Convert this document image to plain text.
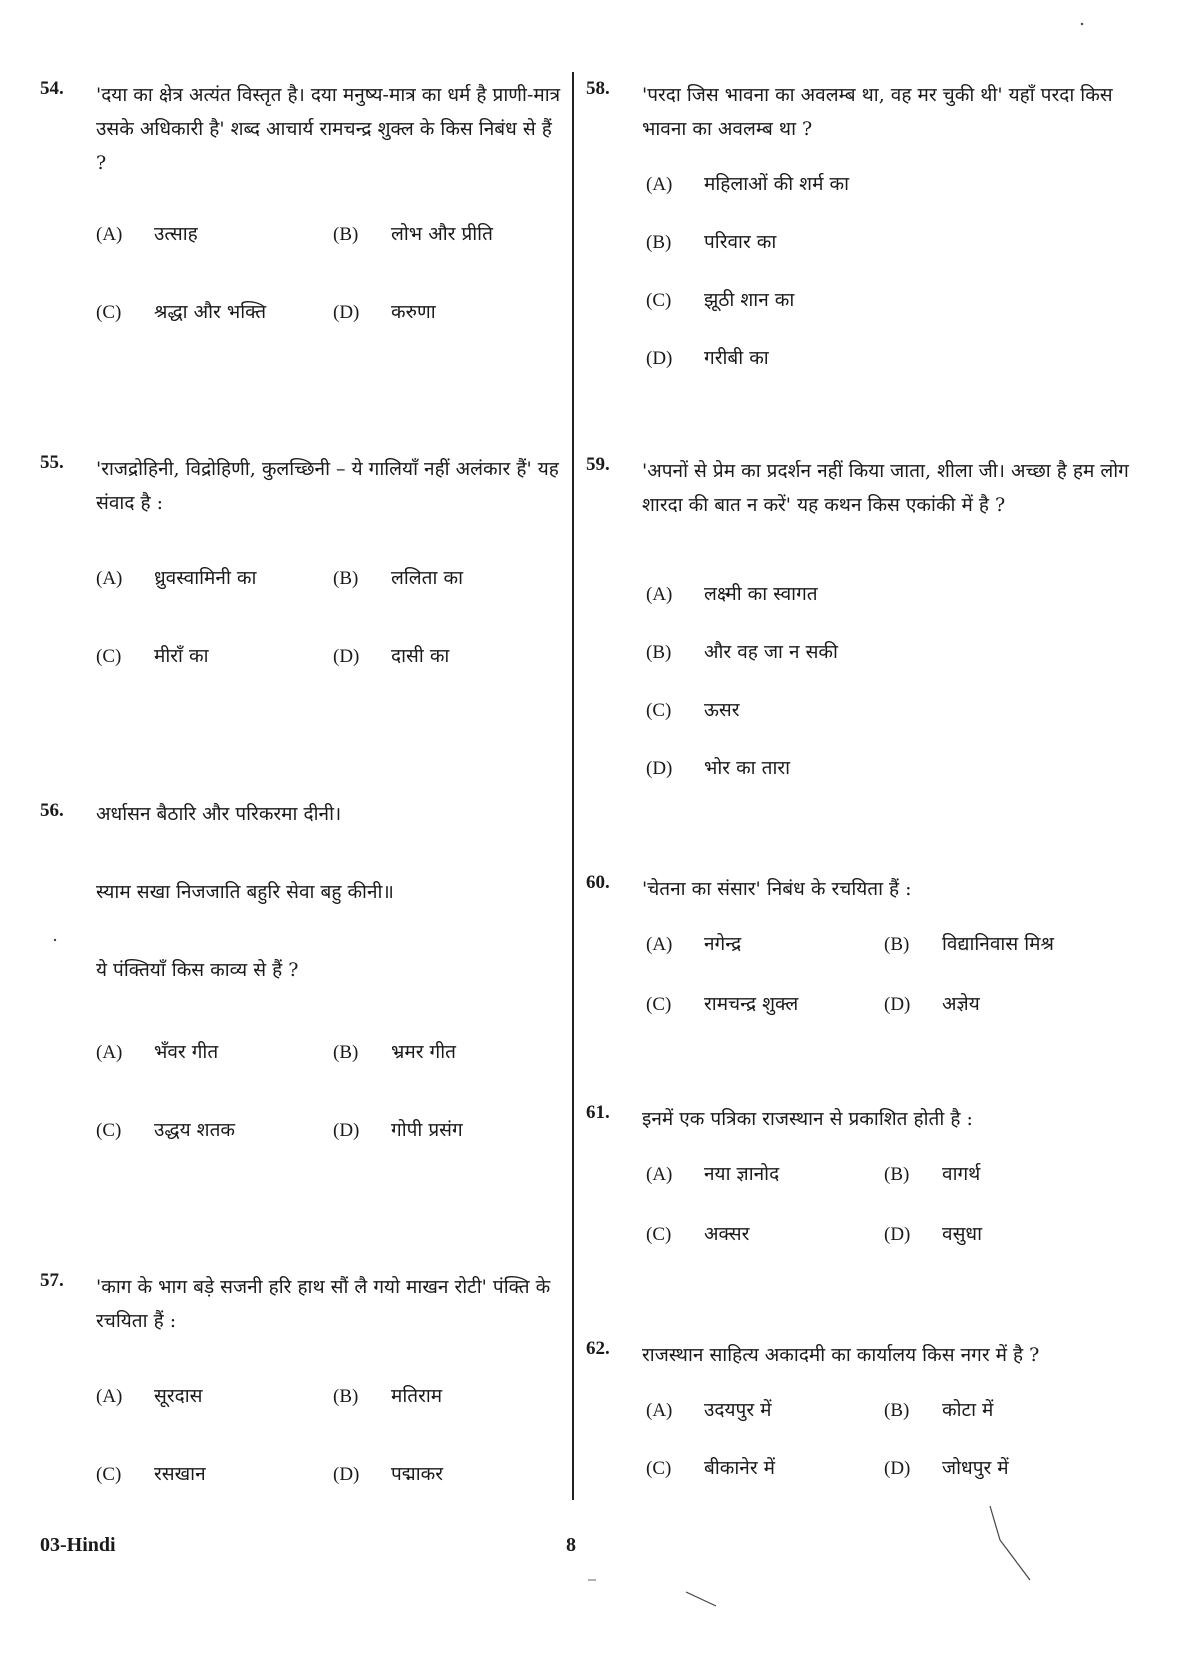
54. 'दया का क्षेत्र अत्यंत विस्तृत है। दया मनुष्य-मात्र का धर्म है प्राणी-मात्र उसके अधिकारी है' शब्द आचार्य रामचन्द्र शुक्ल के किस निबंध से हैं ?
(A) उत्साह	(B) लोभ और प्रीति
(C) श्रद्धा और भक्ति	(D) करुणा
55. 'राजद्रोहिनी, विद्रोहिणी, कुलच्छिनी – ये गालियाँ नहीं अलंकार हैं' यह संवाद है :
(A) ध्रुवस्वामिनी का	(B) ललिता का
(C) मीराँ का	(D) दासी का
56. अर्धासन बैठारि और परिकरमा दीनी।
स्याम सखा निजजाति बहुरि सेवा बहु कीनी॥
ये पंक्तियाँ किस काव्य से हैं ?
(A) भँवर गीत	(B) भ्रमर गीत
(C) उद्धय शतक	(D) गोपी प्रसंग
57. 'काग के भाग बड़े सजनी हरि हाथ सौं लै गयो माखन रोटी' पंक्ति के रचयिता हैं :
(A) सूरदास	(B) मतिराम
(C) रसखान	(D) पद्माकर
58. 'परदा जिस भावना का अवलम्ब था, वह मर चुकी थी' यहाँ परदा किस भावना का अवलम्ब था ?
(A) महिलाओं की शर्म का
(B) परिवार का
(C) झूठी शान का
(D) गरीबी का
59. 'अपनों से प्रेम का प्रदर्शन नहीं किया जाता, शीला जी। अच्छा है हम लोग शारदा की बात न करें' यह कथन किस एकांकी में है ?
(A) लक्ष्मी का स्वागत
(B) और वह जा न सकी
(C) ऊसर
(D) भोर का तारा
60. 'चेतना का संसार' निबंध के रचयिता हैं :
(A) नगेन्द्र	(B) विद्यानिवास मिश्र
(C) रामचन्द्र शुक्ल	(D) अज्ञेय
61. इनमें एक पत्रिका राजस्थान से प्रकाशित होती है :
(A) नया ज्ञानोद	(B) वागर्थ
(C) अक्सर	(D) वसुधा
62. राजस्थान साहित्य अकादमी का कार्यालय किस नगर में है ?
(A) उदयपुर में	(B) कोटा में
(C) बीकानेर में	(D) जोधपुर में
03-Hindi	8
